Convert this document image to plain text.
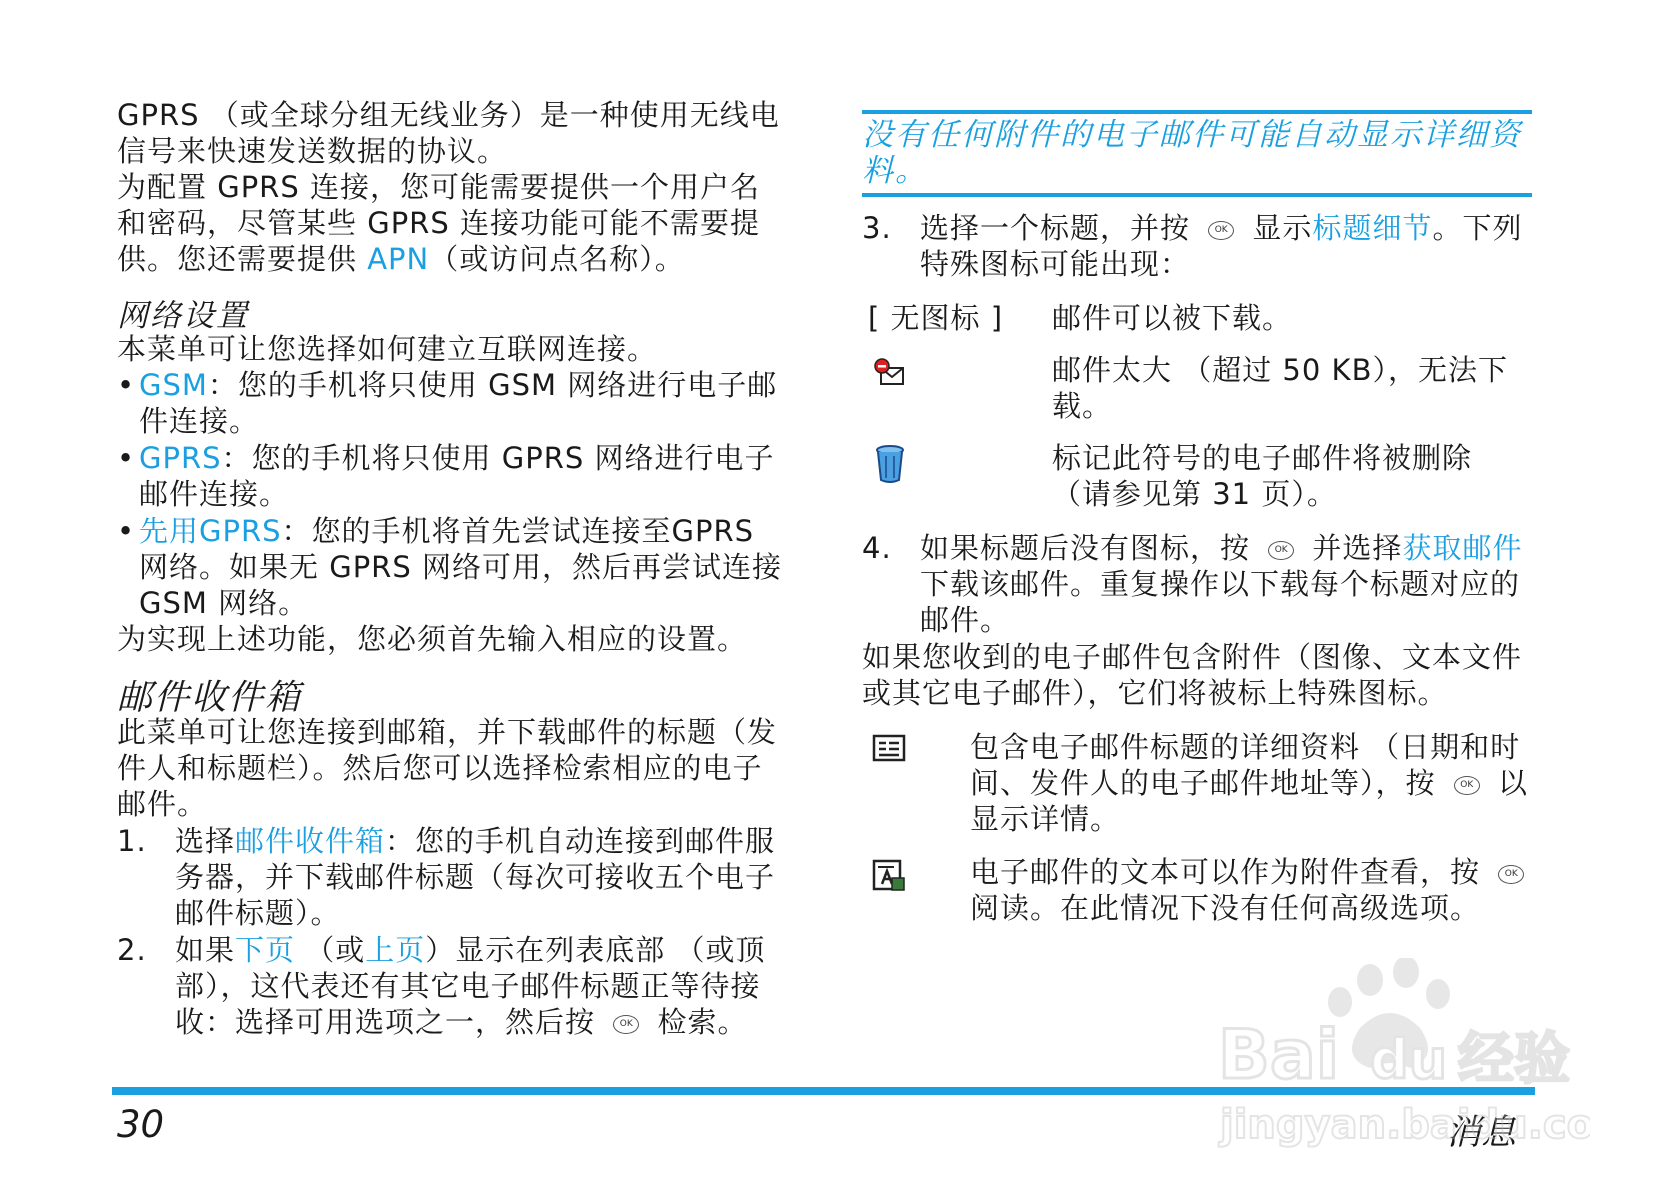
GPRS （或全球分组无线业务）是一种使用无线电信号来快速发送数据的协议。
为配置 GPRS 连接，您可能需要提供一个用户名和密码，尽管某些 GPRS 连接功能可能不需要提供。您还需要提供 APN（或访问点名称）。
网络设置
本菜单可让您选择如何建立互联网连接。
• GSM：您的手机将只使用 GSM 网络进行电子邮件连接。
• GPRS：您的手机将只使用 GPRS 网络进行电子邮件连接。
• 先用GPRS：您的手机将首先尝试连接至GPRS 网络。如果无 GPRS 网络可用，然后再尝试连接 GSM 网络。
为实现上述功能，您必须首先输入相应的设置。
邮件收件箱
此菜单可让您连接到邮箱，并下载邮件的标题（发件人和标题栏）。然后您可以选择检索相应的电子邮件。
1. 选择邮件收件箱：您的手机自动连接到邮件服务器，并下载邮件标题（每次可接收五个电子邮件标题）。
2. 如果下页 （或上页）显示在列表底部 （或顶部），这代表还有其它电子邮件标题正等待接收：选择可用选项之一，然后按 OK 检索。
没有任何附件的电子邮件可能自动显示详细资料。
3. 选择一个标题，并按 OK 显示标题细节。下列特殊图标可能出现：
[ 无图标 ] 邮件可以被下载。
邮件太大 （超过 50 KB），无法下载。
标记此符号的电子邮件将被删除 （请参见第 31 页）。
4. 如果标题后没有图标，按 OK 并选择获取邮件下载该邮件。重复操作以下载每个标题对应的邮件。
如果您收到的电子邮件包含附件（图像、文本文件或其它电子邮件），它们将被标上特殊图标。
包含电子邮件标题的详细资料 （日期和时间、发件人的电子邮件地址等），按 OK 以显示详情。
电子邮件的文本可以作为附件查看，按 OK 阅读。在此情况下没有任何高级选项。
30	消息
Bai du 经验
jingyan.baidu.co
